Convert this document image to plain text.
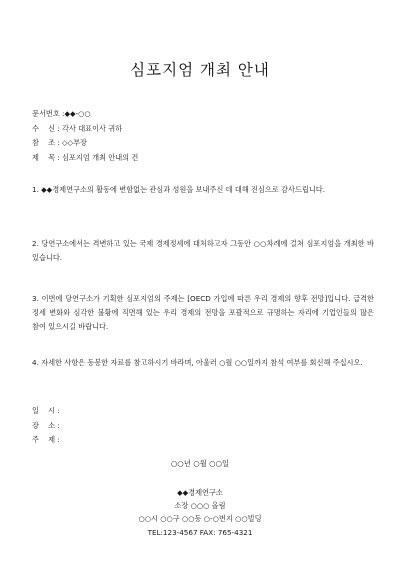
심포지엄 개최 안내
문서번호 :◆◆-○○
수    신 : 각사 대표이사 귀하
참    조 : ◇◇부장
제    목 : 심포지엄 개최 안내의 건
1. ◆◆경제연구소의 활동에 변함없는 관심과 성원을 보내주신 데 대해 진심으로 감사드립니다.
2. 당연구소에서는 격변하고 있는 국제 경제정세에 대처하고자 그동안 ○○차례에 걸쳐 심포지엄을 개최한 바 있습니다.
3. 이번에 당연구소가 기획한 심포지엄의 주제는 [OECD 가입에 따른 우리 경제의 향후 전망]입니다. 급격한 정세 변화와 심각한 불황에 직면해 있는 우리 경제의 전망을 포괄적으로 규명하는 자리에 기업인들의 많은 참여 있으시길 바랍니다.
4. 자세한 사항은 동봉한 자료를 참고하시기 바라며, 아울러 ○월 ○○일까지 참석 여부를 회신해 주십시오.
일    시 :
장    소 :
주    제 :
○○년 ○월 ○○일
◆◆경제연구소
소장 ○○○ 올림
○○시 ○○구 ○○동 ○-○번지 ○○빌딩
TEL:123-4567 FAX: 765-4321
